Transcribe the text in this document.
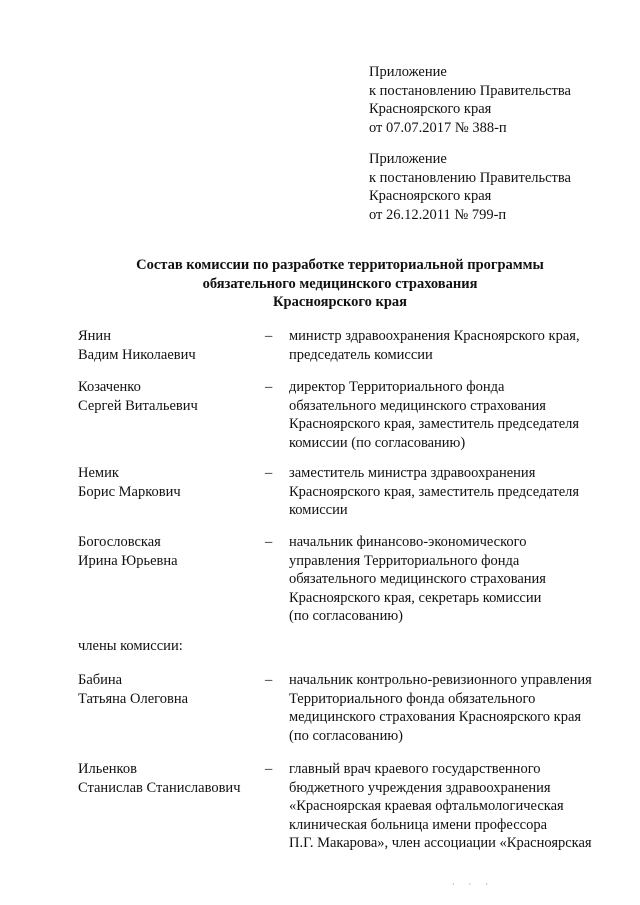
Приложение
к постановлению Правительства
Красноярского края
от 07.07.2017 № 388-п
Приложение
к постановлению Правительства
Красноярского края
от 26.12.2011 № 799-п
Состав комиссии по разработке территориальной программы
обязательного медицинского страхования
Красноярского края
Янин
Вадим Николаевич
– министр здравоохранения Красноярского края,
председатель комиссии
Козаченко
Сергей Витальевич
– директор Территориального фонда
обязательного медицинского страхования
Красноярского края, заместитель председателя
комиссии (по согласованию)
Немик
Борис Маркович
– заместитель министра здравоохранения
Красноярского края, заместитель председателя
комиссии
Богословская
Ирина Юрьевна
– начальник финансово-экономического
управления Территориального фонда
обязательного медицинского страхования
Красноярского края, секретарь комиссии
(по согласованию)
члены комиссии:
Бабина
Татьяна Олеговна
– начальник контрольно-ревизионного управления
Территориального фонда обязательного
медицинского страхования Красноярского края
(по согласованию)
Ильенков
Станислав Станиславович
– главный врач краевого государственного
бюджетного учреждения здравоохранения
«Красноярская краевая офтальмологическая
клиническая больница имени профессора
П.Г. Макарова», член ассоциации «Красноярская
· · ·
